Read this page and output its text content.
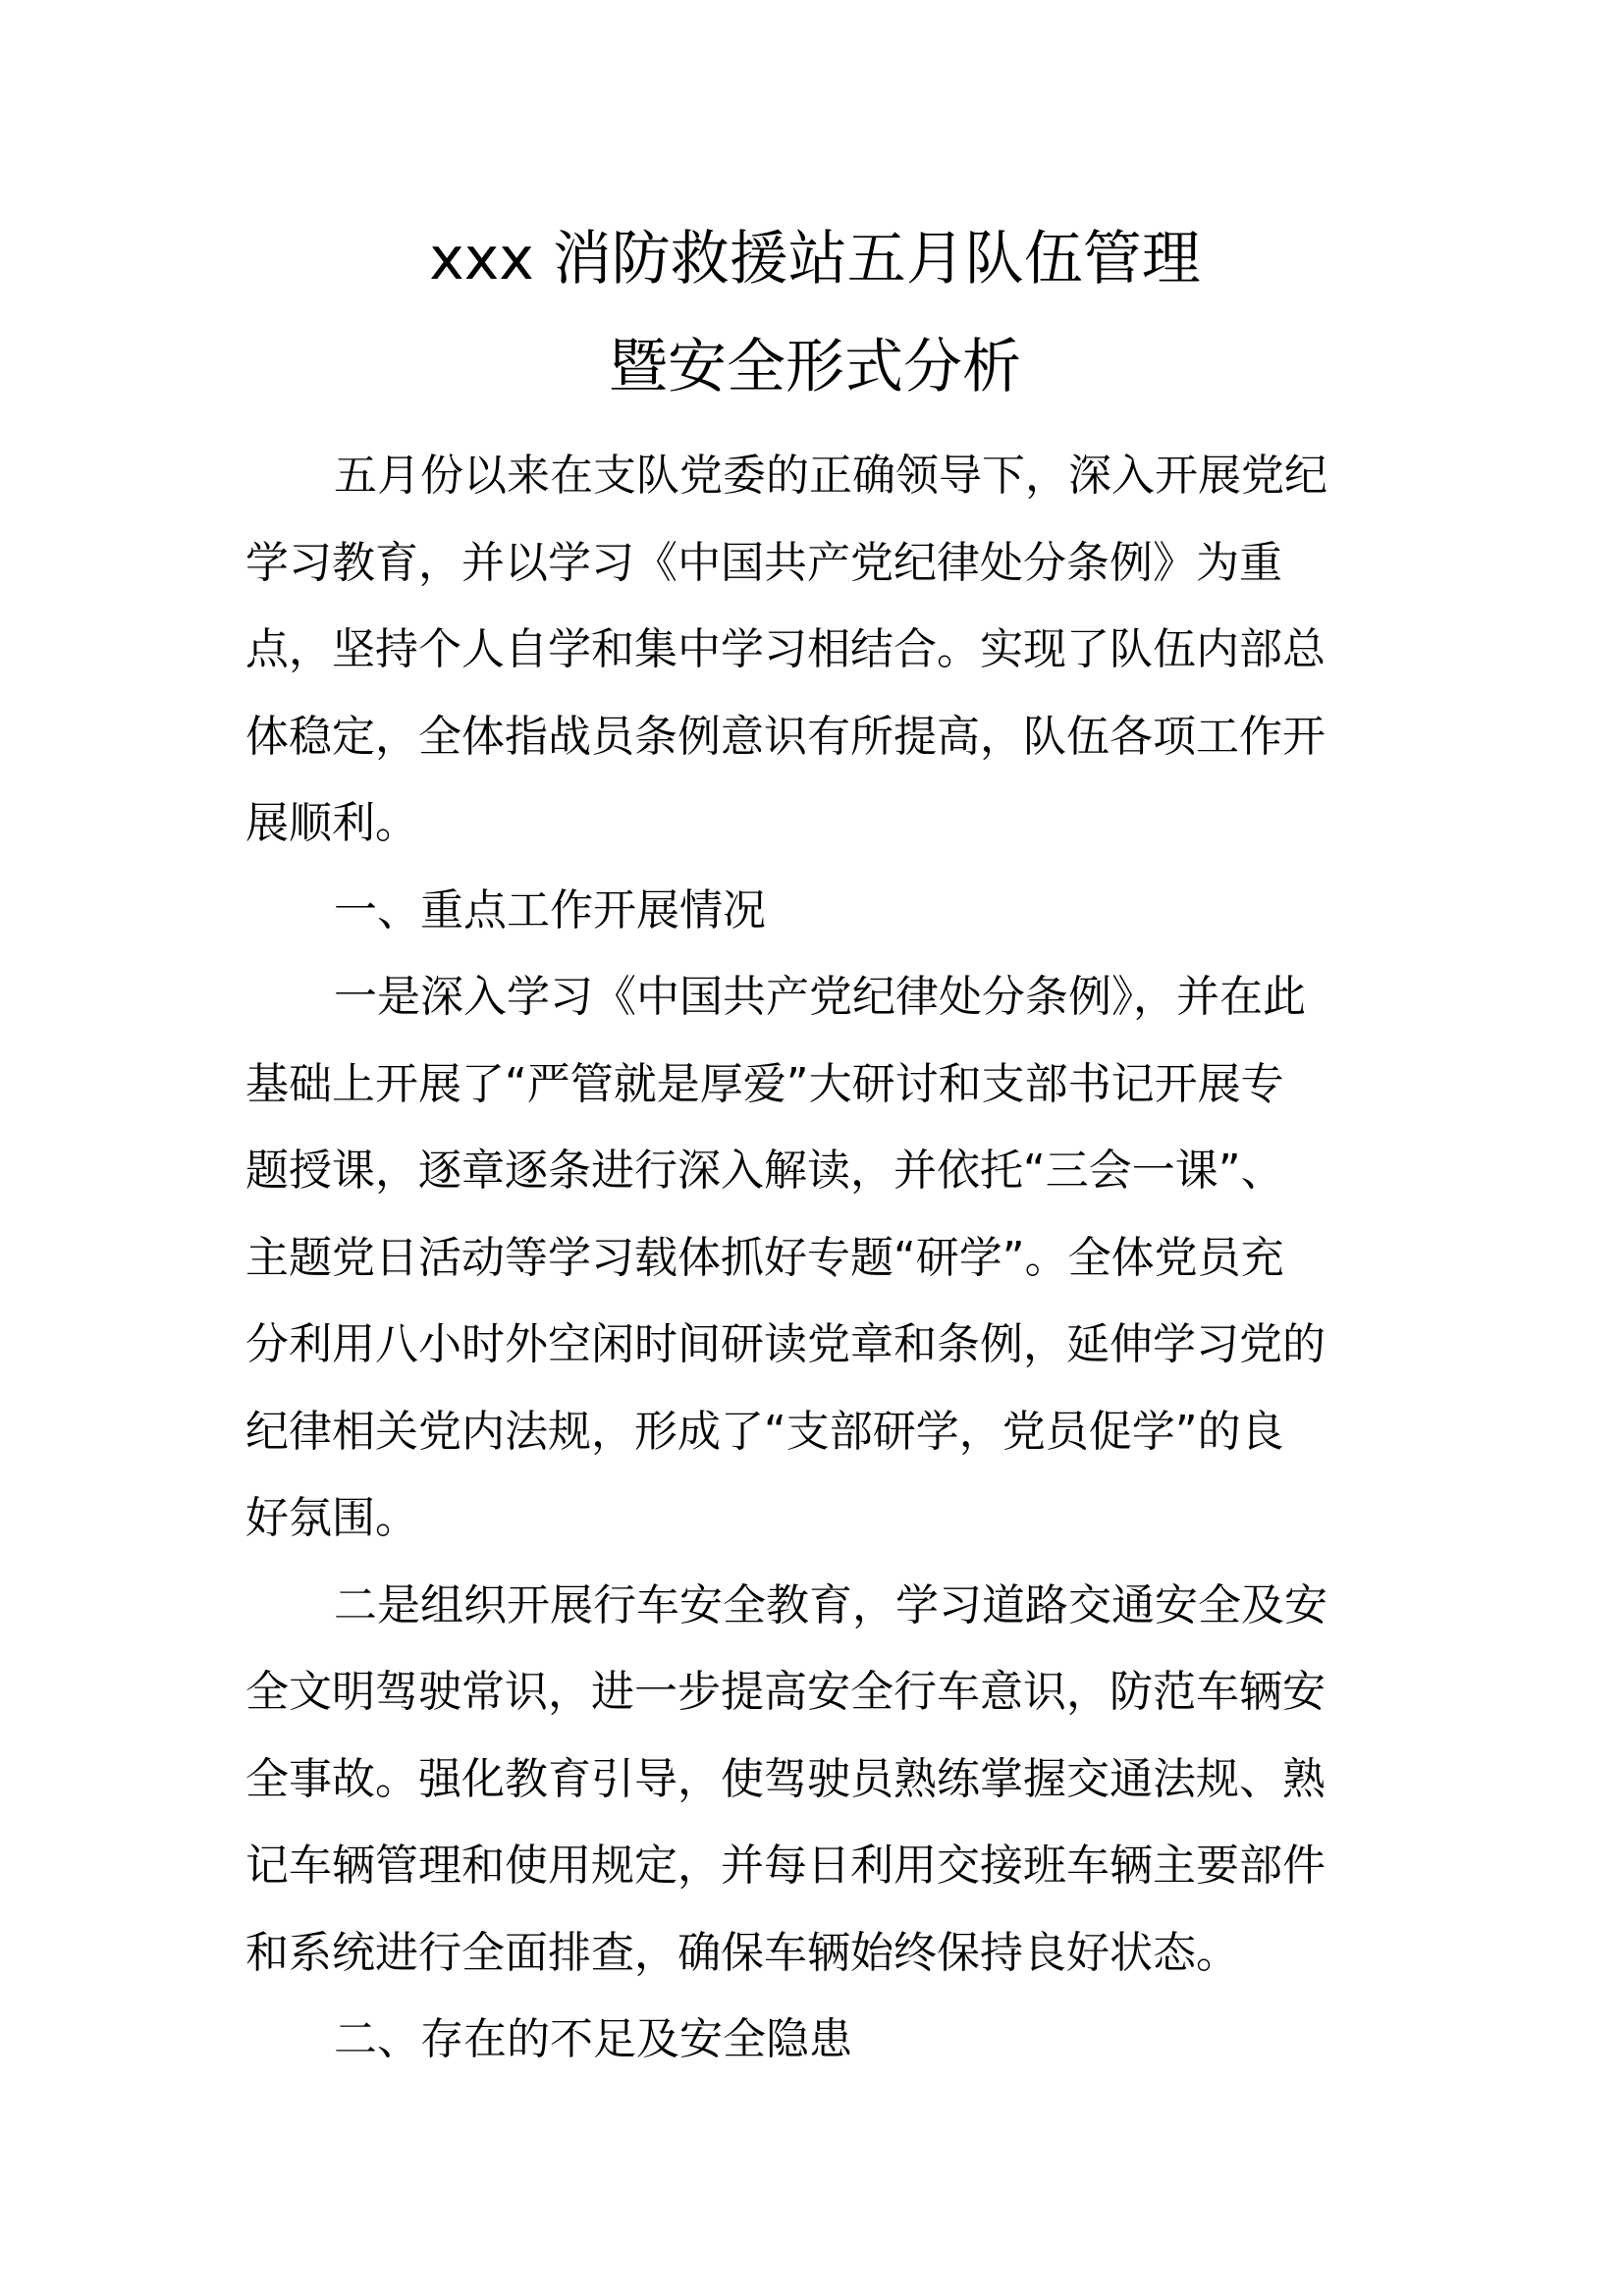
xxx 消防救援站五月队伍管理
暨安全形式分析

五月份以来在支队党委的正确领导下，深入开展党纪

学习教育，并以学习《中国共产党纪律处分条例》为重

点，坚持个人自学和集中学习相结合。实现了队伍内部总

体稳定，全体指战员条例意识有所提高，队伍各项工作开

展顺利。

一、重点工作开展情况

一是深入学习《中国共产党纪律处分条例》，并在此

基础上开展了“严管就是厚爱”大研讨和支部书记开展专

题授课，逐章逐条进行深入解读，并依托“三会一课”、

主题党日活动等学习载体抓好专题“研学”。全体党员充

分利用八小时外空闲时间研读党章和条例，延伸学习党的

纪律相关党内法规，形成了“支部研学，党员促学”的良

好氛围。

二是组织开展行车安全教育，学习道路交通安全及安

全文明驾驶常识，进一步提高安全行车意识，防范车辆安

全事故。强化教育引导，使驾驶员熟练掌握交通法规、熟

记车辆管理和使用规定，并每日利用交接班车辆主要部件

和系统进行全面排查，确保车辆始终保持良好状态。

二、存在的不足及安全隐患
